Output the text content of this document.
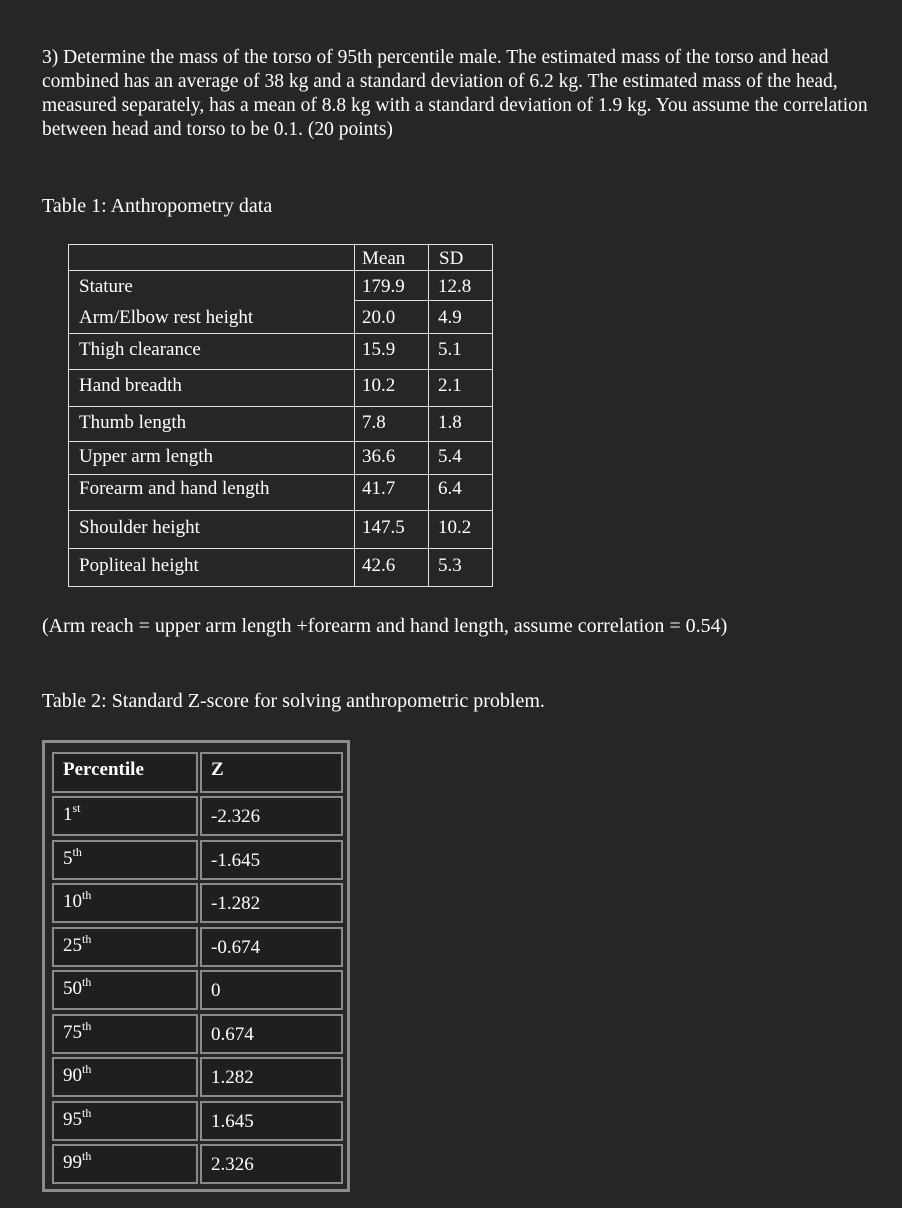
3) Determine the mass of the torso of 95th percentile male. The estimated mass of the torso and head combined has an average of 38 kg and a standard deviation of 6.2 kg. The estimated mass of the head, measured separately, has a mean of 8.8 kg with a standard deviation of 1.9 kg. You assume the correlation between head and torso to be 0.1. (20 points)

Table 1: Anthropometry data

Mean SD
Stature	179.9 12.8
Arm/Elbow rest height	20.0 4.9
Thigh clearance	15.9 5.1
Hand breadth	10.2 2.1
Thumb length	7.8	1.8
Upper arm length	36.6 5.4
Forearm and hand length	41.7 6.4
Shoulder height	147.5 10.2
Popliteal height	42.6 5.3

(Arm reach = upper arm length +forearm and hand length, assume correlation = 0.54)

Table 2: Standard Z-score for solving anthropometric problem.

Percentile	Z
1st	-2.326
5th	-1.645
10th	-1.282
25th	-0.674
50th	0
75th	0.674
90th	1.282
95th	1.645
99th	2.326
